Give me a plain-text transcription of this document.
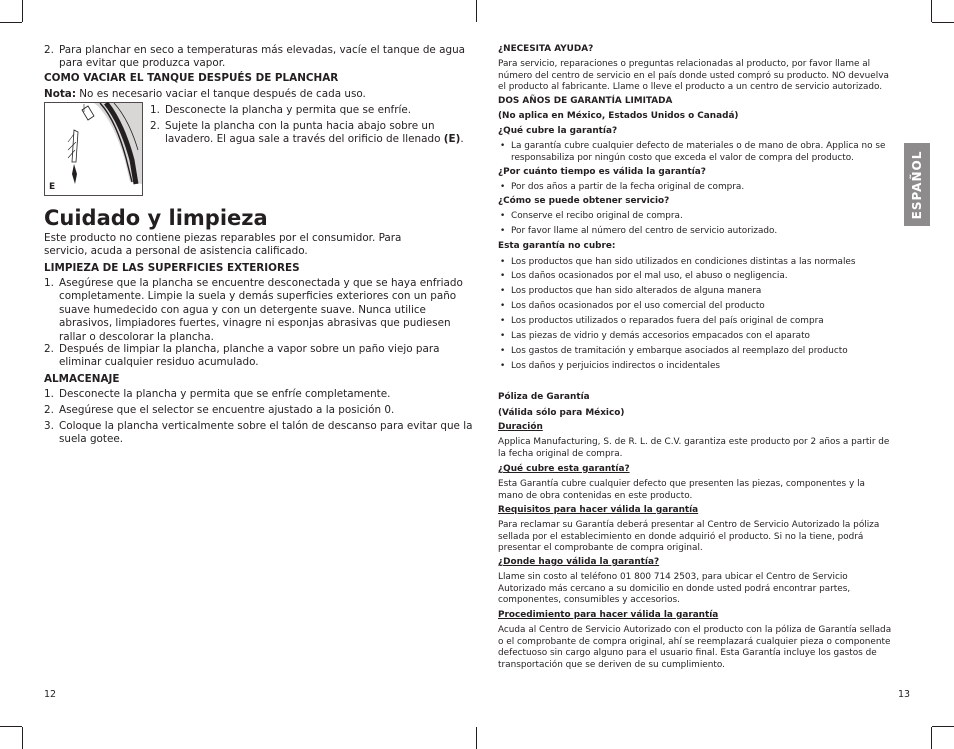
2. Para planchar en seco a temperaturas más elevadas, vacíe el tanque de agua para evitar que produzca vapor.

COMO VACIAR EL TANQUE DESPUÉS DE PLANCHAR

Nota: No es necesario vaciar el tanque después de cada uso.

1. Desconecte la plancha y permita que se enfríe.
2. Sujete la plancha con la punta hacia abajo sobre un lavadero. El agua sale a través del orificio de llenado (E).

Cuidado y limpieza

Este producto no contiene piezas reparables por el consumidor. Para servicio, acuda a personal de asistencia calificado.

LIMPIEZA DE LAS SUPERFICIES EXTERIORES

1. Asegúrese que la plancha se encuentre desconectada y que se haya enfriado completamente. Limpie la suela y demás superficies exteriores con un paño suave humedecido con agua y con un detergente suave. Nunca utilice abrasivos, limpiadores fuertes, vinagre ni esponjas abrasivas que pudiesen rallar o descolorar la plancha.
2. Después de limpiar la plancha, planche a vapor sobre un paño viejo para eliminar cualquier residuo acumulado.

ALMACENAJE

1. Desconecte la plancha y permita que se enfríe completamente.
2. Asegúrese que el selector se encuentre ajustado a la posición 0.
3. Coloque la plancha verticalmente sobre el talón de descanso para evitar que la suela gotee.
E

¿NECESITA AYUDA?

Para servicio, reparaciones o preguntas relacionadas al producto, por favor llame al número del centro de servicio en el país donde usted compró su producto. NO devuelva el producto al fabricante. Llame o lleve el producto a un centro de servicio autorizado.

DOS AÑOS DE GARANTÍA LIMITADA

(No aplica en México, Estados Unidos o Canadá)

¿Qué cubre la garantía?

• La garantía cubre cualquier defecto de materiales o de mano de obra. Applica no se responsabiliza por ningún costo que exceda el valor de compra del producto.

¿Por cuánto tiempo es válida la garantía?

• Por dos años a partir de la fecha original de compra.

¿Cómo se puede obtener servicio?

• Conserve el recibo original de compra.
• Por favor llame al número del centro de servicio autorizado.

Esta garantía no cubre:

• Los productos que han sido utilizados en condiciones distintas a las normales
• Los daños ocasionados por el mal uso, el abuso o negligencia.
• Los productos que han sido alterados de alguna manera
• Los daños ocasionados por el uso comercial del producto
• Los productos utilizados o reparados fuera del país original de compra
• Las piezas de vidrio y demás accesorios empacados con el aparato
• Los gastos de tramitación y embarque asociados al reemplazo del producto
• Los daños y perjuicios indirectos o incidentales

Póliza de Garantía

(Válida sólo para México)

Duración

Applica Manufacturing, S. de R. L. de C.V. garantiza este producto por 2 años a partir de la fecha original de compra.

¿Qué cubre esta garantía?

Esta Garantía cubre cualquier defecto que presenten las piezas, componentes y la mano de obra contenidas en este producto.

Requisitos para hacer válida la garantía

Para reclamar su Garantía deberá presentar al Centro de Servicio Autorizado la póliza sellada por el establecimiento en donde adquirió el producto. Si no la tiene, podrá presentar el comprobante de compra original.

¿Donde hago válida la garantía?

Llame sin costo al teléfono 01 800 714 2503, para ubicar el Centro de Servicio Autorizado más cercano a su domicilio en donde usted podrá encontrar partes, componentes, consumibles y accesorios.

Procedimiento para hacer válida la garantía

Acuda al Centro de Servicio Autorizado con el producto con la póliza de Garantía sellada o el comprobante de compra original, ahí se reemplazará cualquier pieza o componente defectuoso sin cargo alguno para el usuario final. Esta Garantía incluye los gastos de transportación que se deriven de su cumplimiento.

ESPAÑOL
12	13
